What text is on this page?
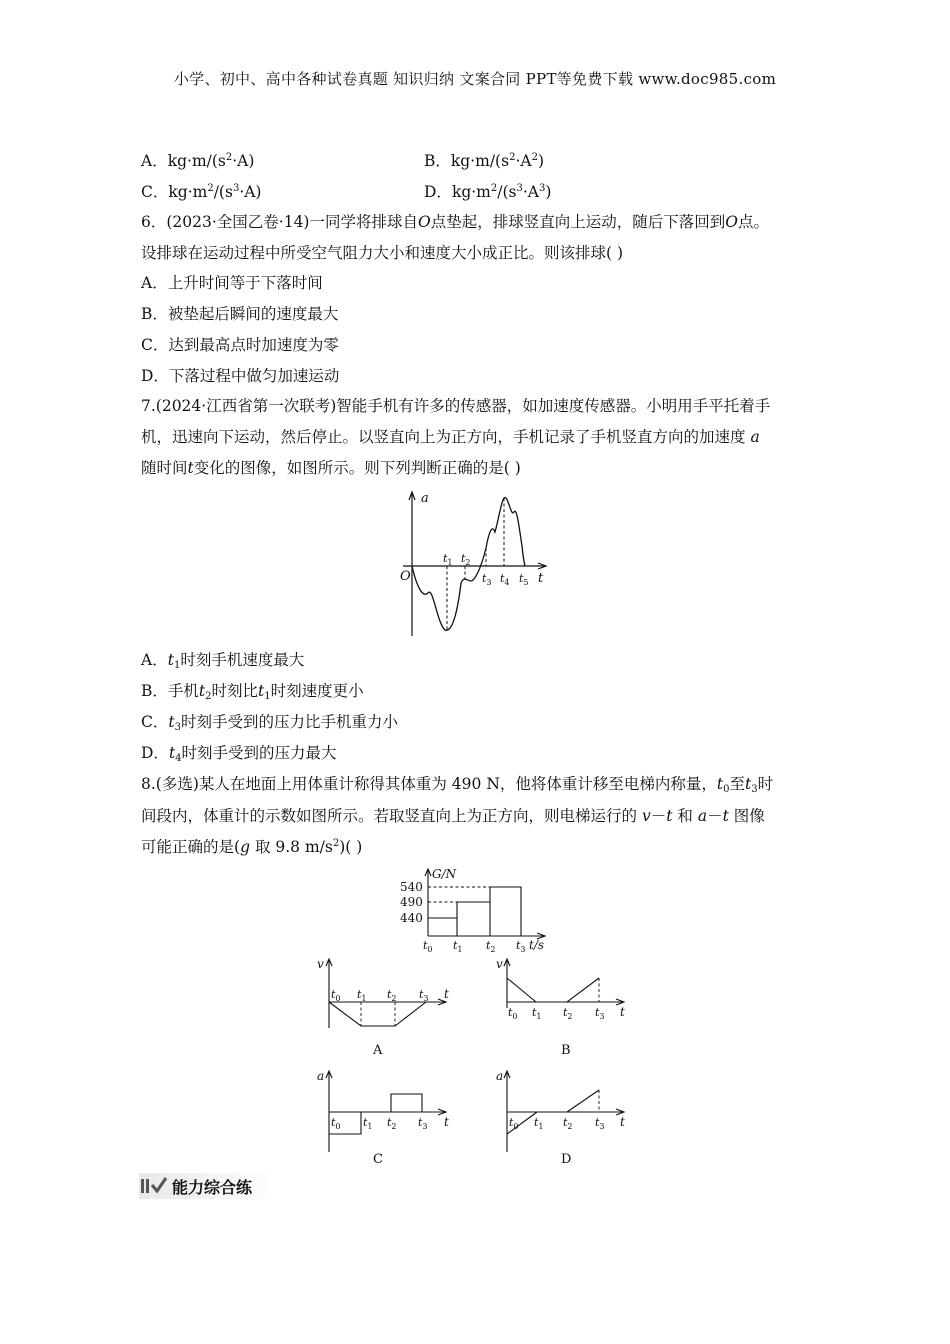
小学、初中、高中各种试卷真题 知识归纳 文案合同 PPT等免费下载 www.doc985.com
A．$kg\cdot m/(s^2\cdot A)$	B．$kg\cdot m/(s^2\cdot A^2)$
C．$kg\cdot m^2/(s^3\cdot A)$	D．$kg\cdot m^2/(s^3\cdot A^3)$
6．(2023·全国乙卷·14)一同学将排球自O点垫起，排球竖直向上运动，随后下落回到O点。
设排球在运动过程中所受空气阻力大小和速度大小成正比。则该排球( )
A．上升时间等于下落时间
B．被垫起后瞬间的速度最大
C．达到最高点时加速度为零
D．下落过程中做匀加速运动
7.(2024·江西省第一次联考)智能手机有许多的传感器，如加速度传感器。小明用手平托着手
机，迅速向下运动，然后停止。以竖直向上为正方向，手机记录了手机竖直方向的加速度 a
随时间t变化的图像，如图所示。则下列判断正确的是( )
a
O	t
$t_1$ $t_2$
$t_3$ $t_4$ $t_5$
A．$t_1$时刻手机速度最大
B．手机$t_2$时刻比$t_1$时刻速度更小
C．$t_3$时刻手受到的压力比手机重力小
D．$t_4$时刻手受到的压力最大
8.(多选)某人在地面上用体重计称得其体重为 490 N，他将体重计移至电梯内称量，$t_0$至$t_3$时
间段内，体重计的示数如图所示。若取竖直向上为正方向，则电梯运行的 v－t 和 a－t 图像
可能正确的是(g 取 9.8 $m/s^2$)( )
G/N
540
490
440
$t_0$ $t_1$ $t_2$ $t_3$ t/s
v
$t_0$ $t_1$ $t_2$ $t_3$ t
A
v
$t_0$ $t_1$ $t_2$ $t_3$ t
B
a
$t_0$ $t_1$ $t_2$ $t_3$ t
C
a
$t_0$ $t_1$ $t_2$ $t_3$ t
D
能力综合练
